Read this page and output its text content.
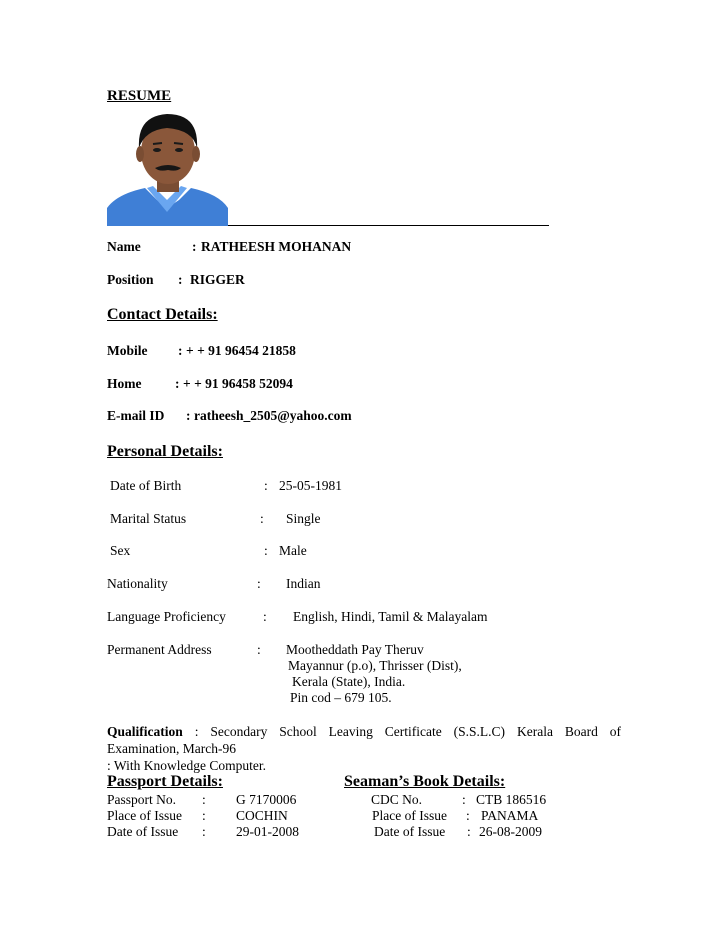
RESUME
Name	: RATHEESH MOHANAN
Position : RIGGER
Contact Details:
Mobile : + + 91 96454 21858
Home : + + 91 96458 52094
E-mail ID : ratheesh_2505@yahoo.com
Personal Details:
Date of Birth	: 25-05-1981
Marital Status	: Single
Sex	: Male
Nationality	: Indian
Language Proficiency	: English, Hindi, Tamil & Malayalam
Permanent Address	: Mootheddath Pay Theruv
Mayannur (p.o), Thrisser (Dist),
Kerala (State), India.
Pin cod – 679 105.
Qualification : Secondary School Leaving Certificate (S.S.L.C) Kerala Board of
Examination, March-96
: With Knowledge Computer.
Passport Details:
Passport No. : G 7170006
Place of Issue : COCHIN
Date of Issue : 29-01-2008
Seaman’s Book Details:
CDC No.	: CTB 186516
Place of Issue : PANAMA
Date of Issue : 26-08-2009
